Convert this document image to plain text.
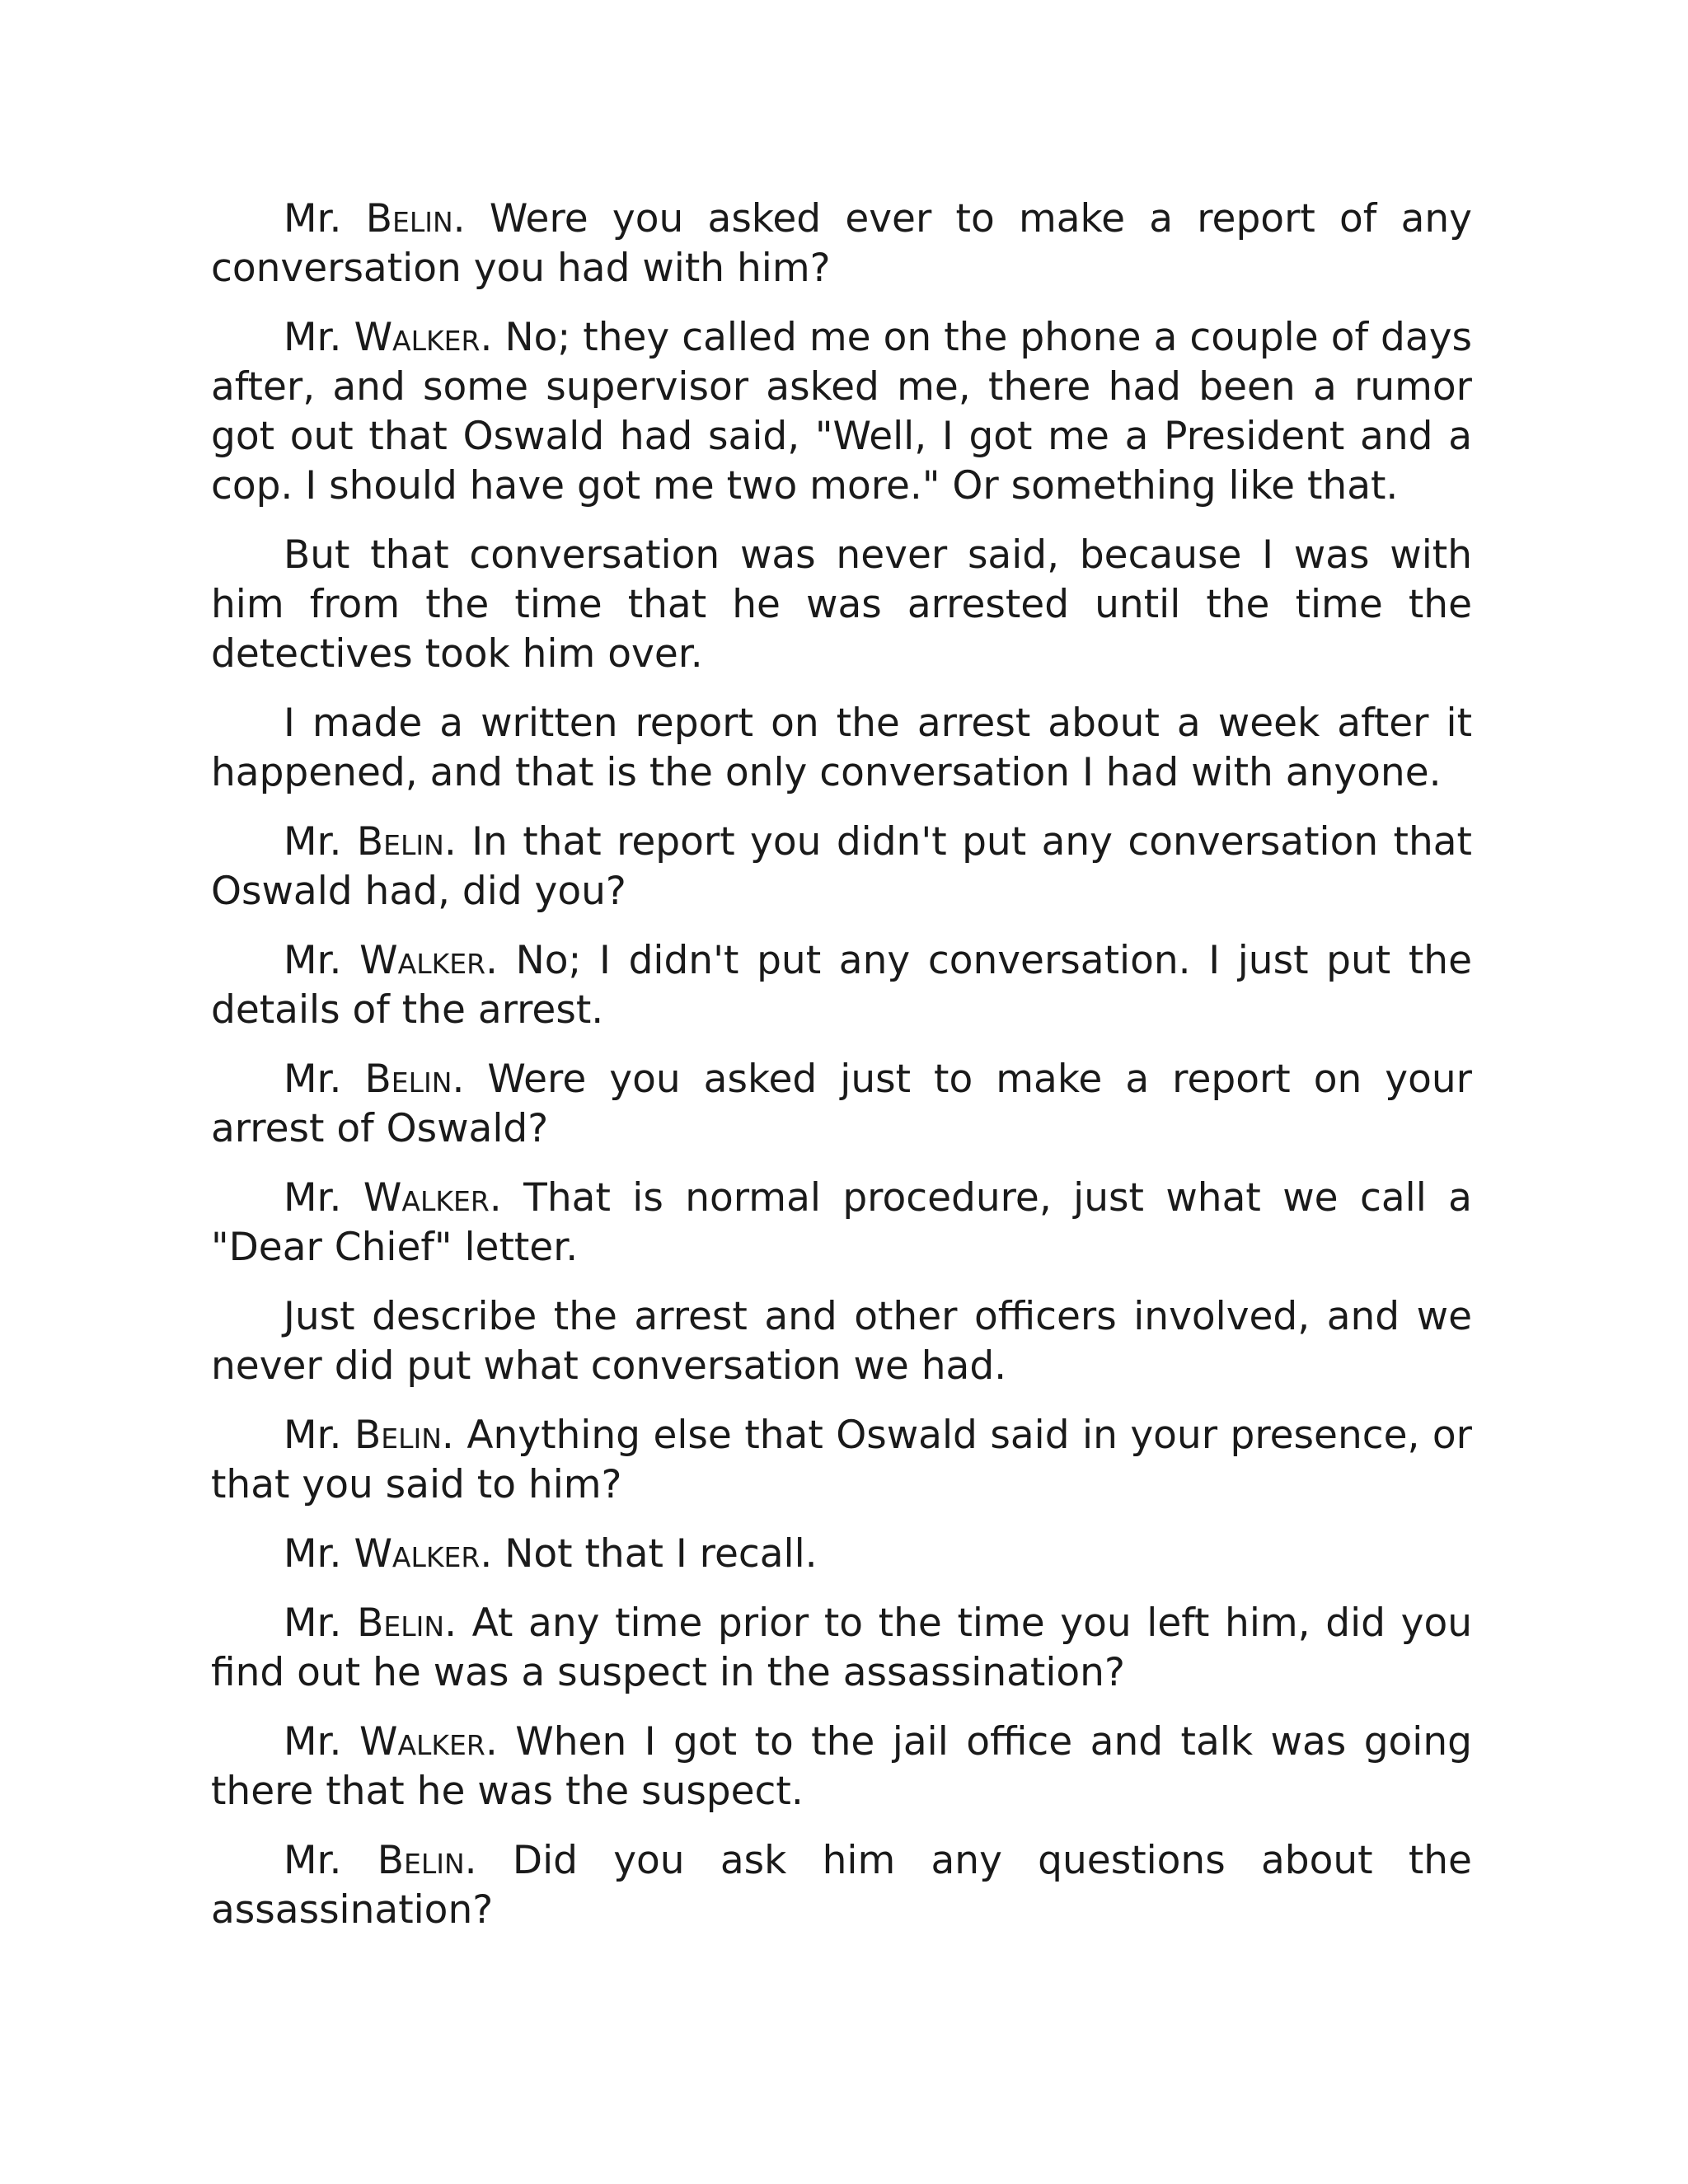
Mr. Belin. Were you asked ever to make a report of any conversation you had with him?

Mr. Walker. No; they called me on the phone a couple of days after, and some supervisor asked me, there had been a rumor got out that Oswald had said, "Well, I got me a President and a cop. I should have got me two more." Or something like that.

But that conversation was never said, because I was with him from the time that he was arrested until the time the detectives took him over.

I made a written report on the arrest about a week after it happened, and that is the only conversation I had with anyone.

Mr. Belin. In that report you didn't put any conversation that Oswald had, did you?

Mr. Walker. No; I didn't put any conversation. I just put the details of the arrest.

Mr. Belin. Were you asked just to make a report on your arrest of Oswald?

Mr. Walker. That is normal procedure, just what we call a "Dear Chief" letter.

Just describe the arrest and other officers involved, and we never did put what conversation we had.

Mr. Belin. Anything else that Oswald said in your presence, or that you said to him?

Mr. Walker. Not that I recall.

Mr. Belin. At any time prior to the time you left him, did you find out he was a suspect in the assassination?

Mr. Walker. When I got to the jail office and talk was going there that he was the suspect.

Mr. Belin. Did you ask him any questions about the assassination?
